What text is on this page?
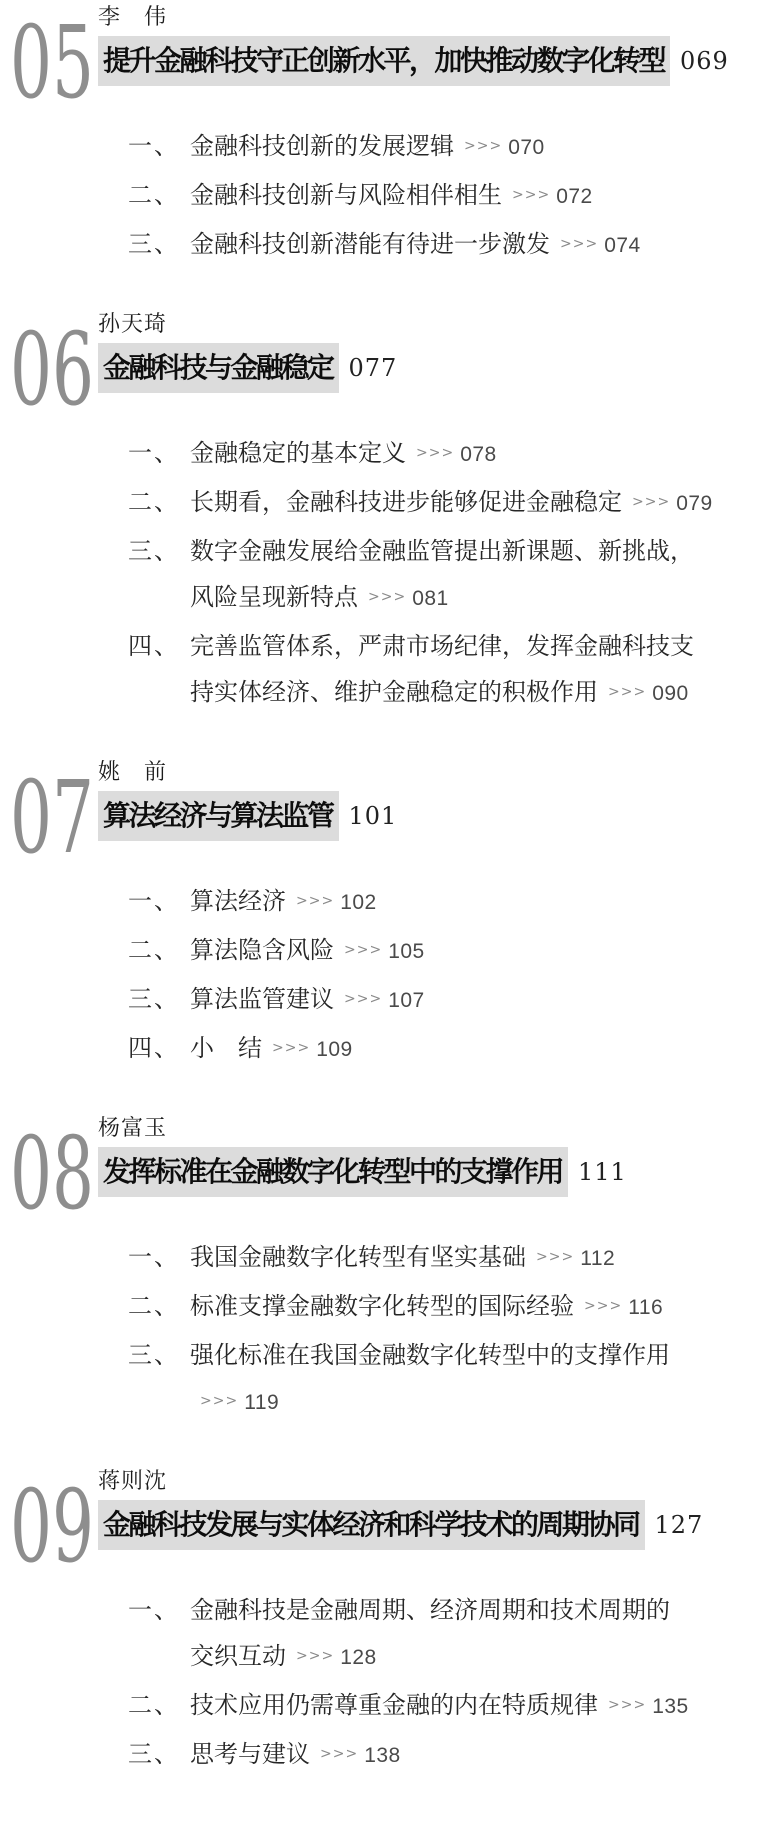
05 李　伟
提升金融科技守正创新水平，加快推动数字化转型 069
一、 金融科技创新的发展逻辑 >>> 070
二、 金融科技创新与风险相伴相生 >>> 072
三、 金融科技创新潜能有待进一步激发 >>> 074
06 孙天琦
金融科技与金融稳定 077
一、 金融稳定的基本定义 >>> 078
二、 长期看，金融科技进步能够促进金融稳定 >>> 079
三、 数字金融发展给金融监管提出新课题、新挑战，
风险呈现新特点 >>> 081
四、 完善监管体系，严肃市场纪律，发挥金融科技支
持实体经济、维护金融稳定的积极作用 >>> 090
07 姚　前
算法经济与算法监管 101
一、 算法经济 >>> 102
二、 算法隐含风险 >>> 105
三、 算法监管建议 >>> 107
四、 小　结 >>> 109
08 杨富玉
发挥标准在金融数字化转型中的支撑作用 111
一、 我国金融数字化转型有坚实基础 >>> 112
二、 标准支撑金融数字化转型的国际经验 >>> 116
三、 强化标准在我国金融数字化转型中的支撑作用>>> 119
09 蒋则沈
金融科技发展与实体经济和科学技术的周期协同 127
一、 金融科技是金融周期、经济周期和技术周期的
交织互动 >>> 128
二、 技术应用仍需尊重金融的内在特质规律 >>> 135
三、 思考与建议 >>> 138
